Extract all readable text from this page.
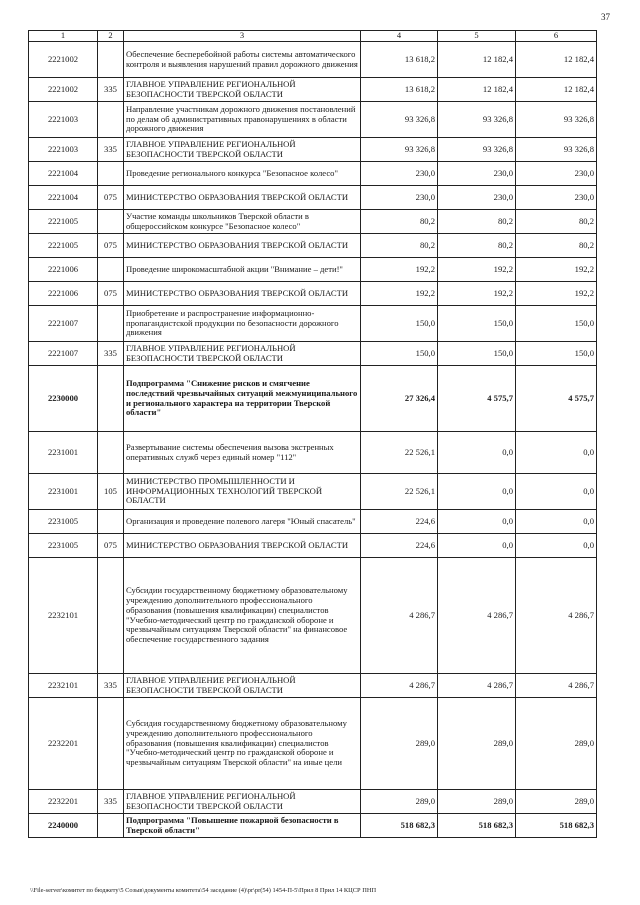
37
1	2	3	4	5	6
2221002		Обеспечение бесперебойной работы системы автоматического контроля и выявления нарушений правил дорожного движения	13 618,2	12 182,4	12 182,4
2221002	335	ГЛАВНОЕ УПРАВЛЕНИЕ РЕГИОНАЛЬНОЙ БЕЗОПАСНОСТИ ТВЕРСКОЙ ОБЛАСТИ	13 618,2	12 182,4	12 182,4
2221003		Направление участникам дорожного движения постановлений по делам об административных правонарушениях в области дорожного движения	93 326,8	93 326,8	93 326,8
2221003	335	ГЛАВНОЕ УПРАВЛЕНИЕ РЕГИОНАЛЬНОЙ БЕЗОПАСНОСТИ ТВЕРСКОЙ ОБЛАСТИ	93 326,8	93 326,8	93 326,8
2221004		Проведение регионального конкурса "Безопасное колесо"	230,0	230,0	230,0
2221004	075	МИНИСТЕРСТВО ОБРАЗОВАНИЯ ТВЕРСКОЙ ОБЛАСТИ	230,0	230,0	230,0
2221005		Участие команды школьников Тверской области в общероссийском конкурсе "Безопасное колесо"	80,2	80,2	80,2
2221005	075	МИНИСТЕРСТВО ОБРАЗОВАНИЯ ТВЕРСКОЙ ОБЛАСТИ	80,2	80,2	80,2
2221006		Проведение широкомасштабной акции "Внимание – дети!"	192,2	192,2	192,2
2221006	075	МИНИСТЕРСТВО ОБРАЗОВАНИЯ ТВЕРСКОЙ ОБЛАСТИ	192,2	192,2	192,2
2221007		Приобретение и распространение информационно-пропагандистской продукции по безопасности дорожного движения	150,0	150,0	150,0
2221007	335	ГЛАВНОЕ УПРАВЛЕНИЕ РЕГИОНАЛЬНОЙ БЕЗОПАСНОСТИ ТВЕРСКОЙ ОБЛАСТИ	150,0	150,0	150,0
2230000		Подпрограмма "Снижение рисков и смягчение последствий чрезвычайных ситуаций межмуниципального и регионального характера на территории Тверской области"	27 326,4	4 575,7	4 575,7
2231001		Развертывание системы обеспечения вызова экстренных оперативных служб через единый номер "112"	22 526,1	0,0	0,0
2231001	105	МИНИСТЕРСТВО ПРОМЫШЛЕННОСТИ И ИНФОРМАЦИОННЫХ ТЕХНОЛОГИЙ ТВЕРСКОЙ ОБЛАСТИ	22 526,1	0,0	0,0
2231005		Организация и проведение полевого лагеря "Юный спасатель"	224,6	0,0	0,0
2231005	075	МИНИСТЕРСТВО ОБРАЗОВАНИЯ ТВЕРСКОЙ ОБЛАСТИ	224,6	0,0	0,0
2232101		Субсидии государственному бюджетному образовательному учреждению дополнительного профессионального образования (повышения квалификации) специалистов "Учебно-методический центр по гражданской обороне и чрезвычайным ситуациям Тверской области" на финансовое обеспечение государственного задания	4 286,7	4 286,7	4 286,7
2232101	335	ГЛАВНОЕ УПРАВЛЕНИЕ РЕГИОНАЛЬНОЙ БЕЗОПАСНОСТИ ТВЕРСКОЙ ОБЛАСТИ	4 286,7	4 286,7	4 286,7
2232201		Субсидия государственному бюджетному образовательному учреждению дополнительного профессионального образования (повышения квалификации) специалистов "Учебно-методический центр по гражданской обороне и чрезвычайным ситуациям Тверской области" на иные цели	289,0	289,0	289,0
2232201	335	ГЛАВНОЕ УПРАВЛЕНИЕ РЕГИОНАЛЬНОЙ БЕЗОПАСНОСТИ ТВЕРСКОЙ ОБЛАСТИ	289,0	289,0	289,0
2240000		Подпрограмма "Повышение пожарной безопасности в Тверской области"	518 682,3	518 682,3	518 682,3
\\File-server\комитет по бюджету\5 Созыв\документы комитета\54 заседание (4)\pr\pr(54) 1454-П-5\Прил 8 Прил 14 КЦСР ПНП
